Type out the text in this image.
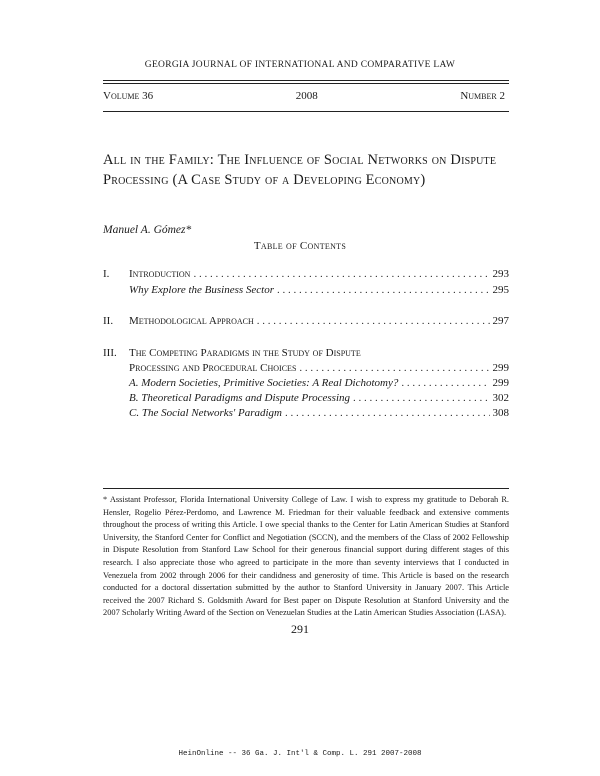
GEORGIA JOURNAL OF INTERNATIONAL AND COMPARATIVE LAW
Volume 36	2008	Number 2
All in the Family: The Influence of Social Networks on Dispute Processing (A Case Study of a Developing Economy)
Manuel A. Gómez*
Table of Contents
I.	Introduction . . .	293
Why Explore the Business Sector . . .	295
II.	Methodological Approach . . .	297
III.	The Competing Paradigms in the Study of Dispute
Processing and Procedural Choices . . .	299
A. Modern Societies, Primitive Societies: A Real Dichotomy? . . .	299
B. Theoretical Paradigms and Dispute Processing . . .	302
C. The Social Networks' Paradigm . . .	308
* Assistant Professor, Florida International University College of Law. I wish to express my gratitude to Deborah R. Hensler, Rogelio Pérez-Perdomo, and Lawrence M. Friedman for their valuable feedback and extensive comments throughout the process of writing this Article. I owe special thanks to the Center for Latin American Studies at Stanford University, the Stanford Center for Conflict and Negotiation (SCCN), and the members of the Class of 2002 Fellowship in Dispute Resolution from Stanford Law School for their generous financial support during different stages of this research. I also appreciate those who agreed to participate in the more than seventy interviews that I conducted in Venezuela from 2002 through 2006 for their candidness and generosity of time. This Article is based on the research conducted for a doctoral dissertation submitted by the author to Stanford University in January 2007. This Article received the 2007 Richard S. Goldsmith Award for Best paper on Dispute Resolution at Stanford University and the 2007 Scholarly Writing Award of the Section on Venezuelan Studies at the Latin American Studies Association (LASA).
291
HeinOnline -- 36 Ga. J. Int'l & Comp. L. 291 2007-2008
